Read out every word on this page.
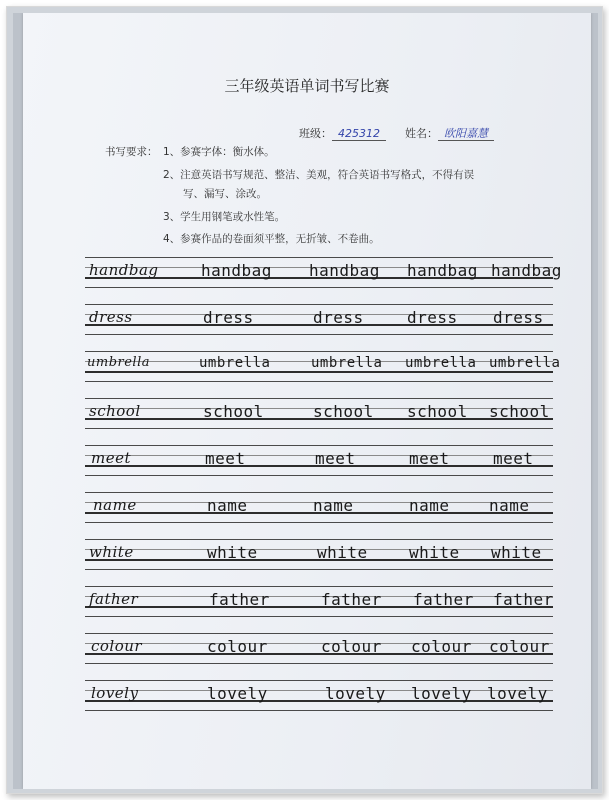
三年级英语单词书写比赛
班级： 425312	姓名： 欧阳嘉慧
书写要求： 1、参赛字体：衡水体。
2、注意英语书写规范、整洁、美观，符合英语书写格式，不得有误
写、漏写、涂改。
3、学生用钢笔或水性笔。
4、参赛作品的卷面须平整，无折皱、不卷曲。
handbag	handbag handbag handbag handbag
dress	dress	dress	dress dress
umbrella	umbrella	umbrella umbrella umbrella
school	school	school school school
meet	meet	meet	meet	meet
name	name	name	name name
white	white	white	white white
father	father	father father father
colour	colour	colour colour colour
lovely	lovely	lovely lovely lovely
